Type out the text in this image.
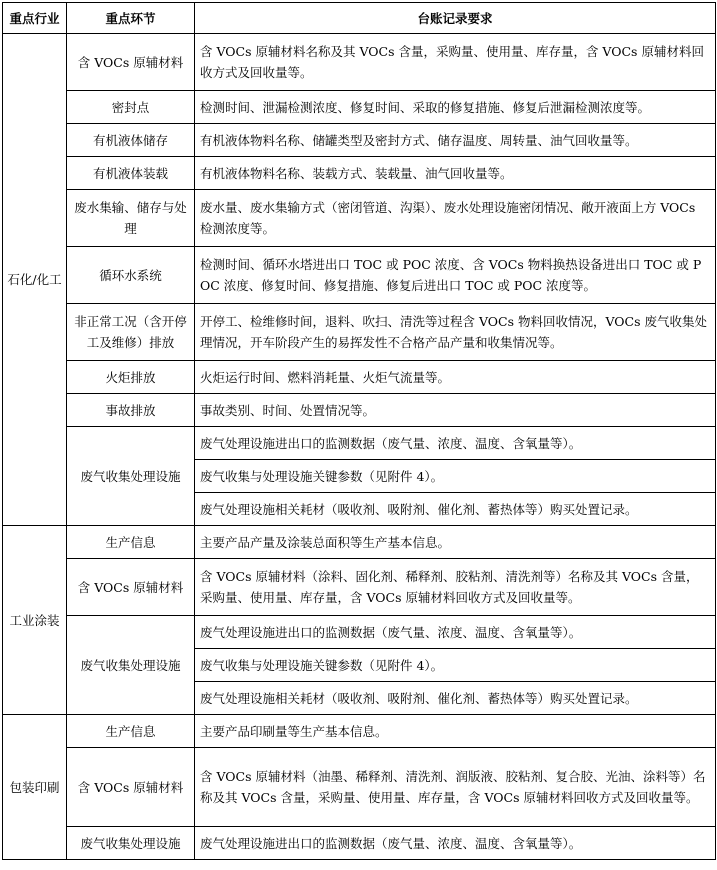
重点行业	重点环节	台账记录要求
石化/化工	含 VOCs 原辅材料	含 VOCs 原辅材料名称及其 VOCs 含量，采购量、使用量、库存量，含 VOCs 原辅材料回收方式及回收量等。
	密封点	检测时间、泄漏检测浓度、修复时间、采取的修复措施、修复后泄漏检测浓度等。
	有机液体储存	有机液体物料名称、储罐类型及密封方式、储存温度、周转量、油气回收量等。
	有机液体装载	有机液体物料名称、装载方式、装载量、油气回收量等。
	废水集输、储存与处理	废水量、废水集输方式（密闭管道、沟渠）、废水处理设施密闭情况、敞开液面上方 VOCs 检测浓度等。
	循环水系统	检测时间、循环水塔进出口 TOC 或 POC 浓度、含 VOCs 物料换热设备进出口 TOC 或 POC 浓度、修复时间、修复措施、修复后进出口 TOC 或 POC 浓度等。
	非正常工况（含开停工及维修）排放	开停工、检维修时间，退料、吹扫、清洗等过程含 VOCs 物料回收情况，VOCs 废气收集处理情况，开车阶段产生的易挥发性不合格产品产量和收集情况等。
	火炬排放	火炬运行时间、燃料消耗量、火炬气流量等。
	事故排放	事故类别、时间、处置情况等。
	废气收集处理设施	废气处理设施进出口的监测数据（废气量、浓度、温度、含氧量等）。
		废气收集与处理设施关键参数（见附件 4）。
		废气处理设施相关耗材（吸收剂、吸附剂、催化剂、蓄热体等）购买处置记录。
工业涂装	生产信息	主要产品产量及涂装总面积等生产基本信息。
	含 VOCs 原辅材料	含 VOCs 原辅材料（涂料、固化剂、稀释剂、胶粘剂、清洗剂等）名称及其 VOCs 含量，采购量、使用量、库存量，含 VOCs 原辅材料回收方式及回收量等。
	废气收集处理设施	废气处理设施进出口的监测数据（废气量、浓度、温度、含氧量等）。
		废气收集与处理设施关键参数（见附件 4）。
		废气处理设施相关耗材（吸收剂、吸附剂、催化剂、蓄热体等）购买处置记录。
包装印刷	生产信息	主要产品印刷量等生产基本信息。
	含 VOCs 原辅材料	含 VOCs 原辅材料（油墨、稀释剂、清洗剂、润版液、胶粘剂、复合胶、光油、涂料等）名称及其 VOCs 含量，采购量、使用量、库存量，含 VOCs 原辅材料回收方式及回收量等。
	废气收集处理设施	废气处理设施进出口的监测数据（废气量、浓度、温度、含氧量等）。
